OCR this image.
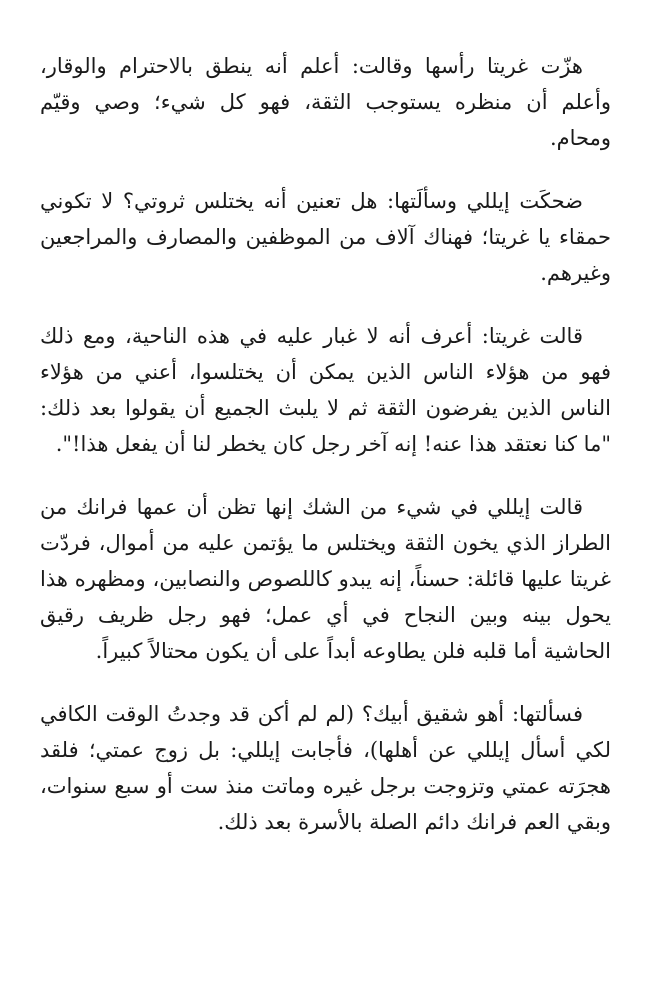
هزّت غريتا رأسها وقالت: أعلم أنه ينطق بالاحترام والوقار، وأعلم أن منظره يستوجب الثقة، فهو كل شيء؛ وصي وقيّم ومحام.

ضحكَت إيللي وسألَتها: هل تعنين أنه يختلس ثروتي؟ لا تكوني حمقاء يا غريتا؛ فهناك آلاف من الموظفين والمصارف والمراجعين وغيرهم.

قالت غريتا: أعرف أنه لا غبار عليه في هذه الناحية، ومع ذلك فهو من هؤلاء الناس الذين يمكن أن يختلسوا، أعني من هؤلاء الناس الذين يفرضون الثقة ثم لا يلبث الجميع أن يقولوا بعد ذلك: "ما كنا نعتقد هذا عنه! إنه آخر رجل كان يخطر لنا أن يفعل هذا!".

قالت إيللي في شيء من الشك إنها تظن أن عمها فرانك من الطراز الذي يخون الثقة ويختلس ما يؤتمن عليه من أموال، فردّت غريتا عليها قائلة: حسناً، إنه يبدو كاللصوص والنصابين، ومظهره هذا يحول بينه وبين النجاح في أي عمل؛ فهو رجل ظريف رقيق الحاشية أما قلبه فلن يطاوعه أبداً على أن يكون محتالاً كبيراً.

فسألتها: أهو شقيق أبيك؟ (لم لم أكن قد وجدتُ الوقت الكافي لكي أسأل إيللي عن أهلها)، فأجابت إيللي: بل زوج عمتي؛ فلقد هجرَته عمتي وتزوجت برجل غيره وماتت منذ ست أو سبع سنوات، وبقي العم فرانك دائم الصلة بالأسرة بعد ذلك.
